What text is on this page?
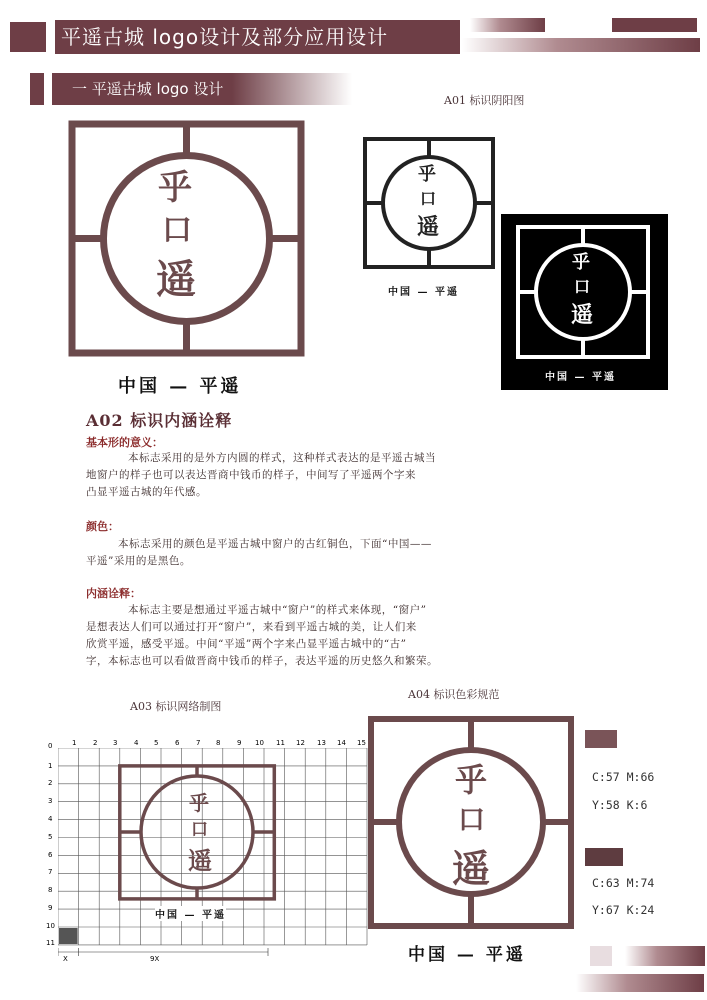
平遥古城 logo设计及部分应用设计
一 平遥古城 logo 设计
乎
口
遥
中国 — 平遥
A01 标识阴阳图
乎
口
遥
中国 — 平遥
乎
口
遥
中国 — 平遥
A02 标识内涵诠释
基本形的意义：
本标志采用的是外方内圆的样式，这种样式表达的是平遥古城当
地窗户的样子也可以表达晋商中钱币的样子，中间写了平遥两个字来
凸显平遥古城的年代感。
颜色：
本标志采用的颜色是平遥古城中窗户的古红铜色，下面“中国——
平遥”采用的是黑色。
内涵诠释：
本标志主要是想通过平遥古城中“窗户”的样式来体现，“窗户”
是想表达人们可以通过打开“窗户”，来看到平遥古城的美，让人们来
欣赏平遥，感受平遥。中间“平遥”两个字来凸显平遥古城中的“古”
字，本标志也可以看做晋商中钱币的样子，表达平遥的历史悠久和繁荣。
A03 标识网络制图
0	1 2 3 4 5 6 7 8 9 10 11 12 13 14 15
1
2
3
4
5
6
7
8
9
10
11
乎
口
遥
中国 — 平遥
X	9X
A04 标识色彩规范
乎
口
遥
中国 — 平遥
C:57 M:66
Y:58 K:6
C:63 M:74
Y:67 K:24
